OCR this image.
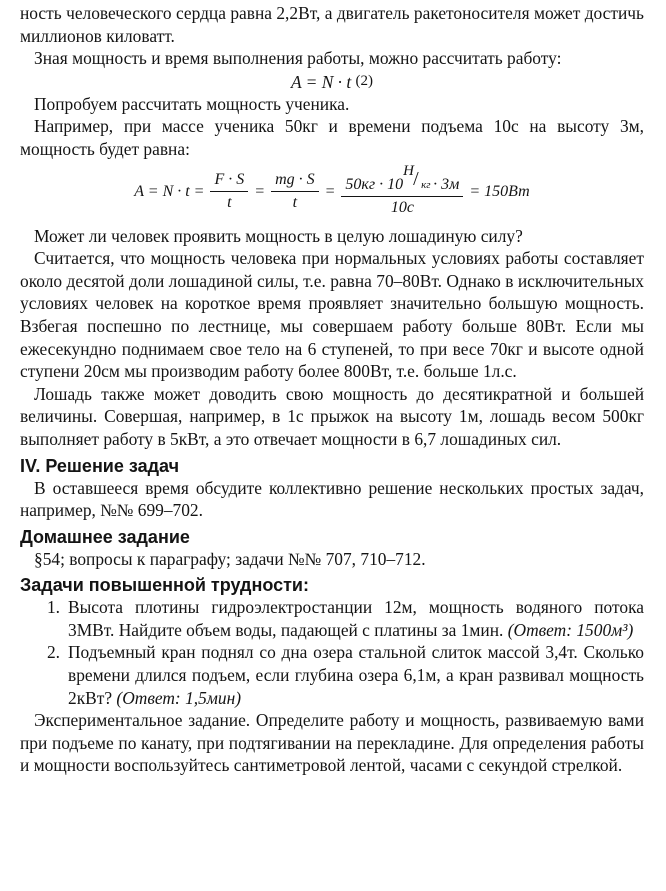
ность человеческого сердца равна 2,2Вт, а двигатель ракетоносителя может достичь миллионов киловатт.

Зная мощность и время выполнения работы, можно рассчитать работу:

A = N · t (2)

Попробуем рассчитать мощность ученика.

Например, при массе ученика 50кг и времени подъема 10с на высоту 3м, мощность будет равна:

$A = N \cdot t = \frac{F \cdot S}{t} = \frac{mg \cdot S}{t} = 50кг \cdot 10$
Н / кг · 3м
10с = 150Вт

Может ли человек проявить мощность в целую лошадиную силу?

Считается, что мощность человека при нормальных условиях работы составляет около десятой доли лошадиной силы, т.е. равна 70–80Вт. Однако в исключительных условиях человек на короткое время проявляет значительно большую мощность. Взбегая поспешно по лестнице, мы совершаем работу больше 80Вт. Если мы ежесекундно поднимаем свое тело на 6 ступеней, то при весе 70кг и высоте одной ступени 20см мы производим работу более 800Вт, т.е. больше 1л.с.

Лошадь также может доводить свою мощность до десятикратной и большей величины. Совершая, например, в 1с прыжок на высоту 1м, лошадь весом 500кг выполняет работу в 5кВт, а это отвечает мощности в 6,7 лошадиных сил.

IV. Решение задач

В оставшееся время обсудите коллективно решение нескольких простых задач, например, №№ 699–702.

Домашнее задание

§54; вопросы к параграфу; задачи №№ 707, 710–712.

Задачи повышенной трудности:
1. Высота плотины гидроэлектростанции 12м, мощность водяного потока 3МВт. Найдите объем воды, падающей с платины за 1мин. (Ответ: 1500м³)
2. Подъемный кран поднял со дна озера стальной слиток массой 3,4т. Сколько времени длился подъем, если глубина озера 6,1м, а кран развивал мощность 2кВт? (Ответ: 1,5мин)

Экспериментальное задание. Определите работу и мощность, развиваемую вами при подъеме по канату, при подтягивании на перекладине. Для определения работы и мощности воспользуйтесь сантиметровой лентой, часами с секундой стрелкой.
